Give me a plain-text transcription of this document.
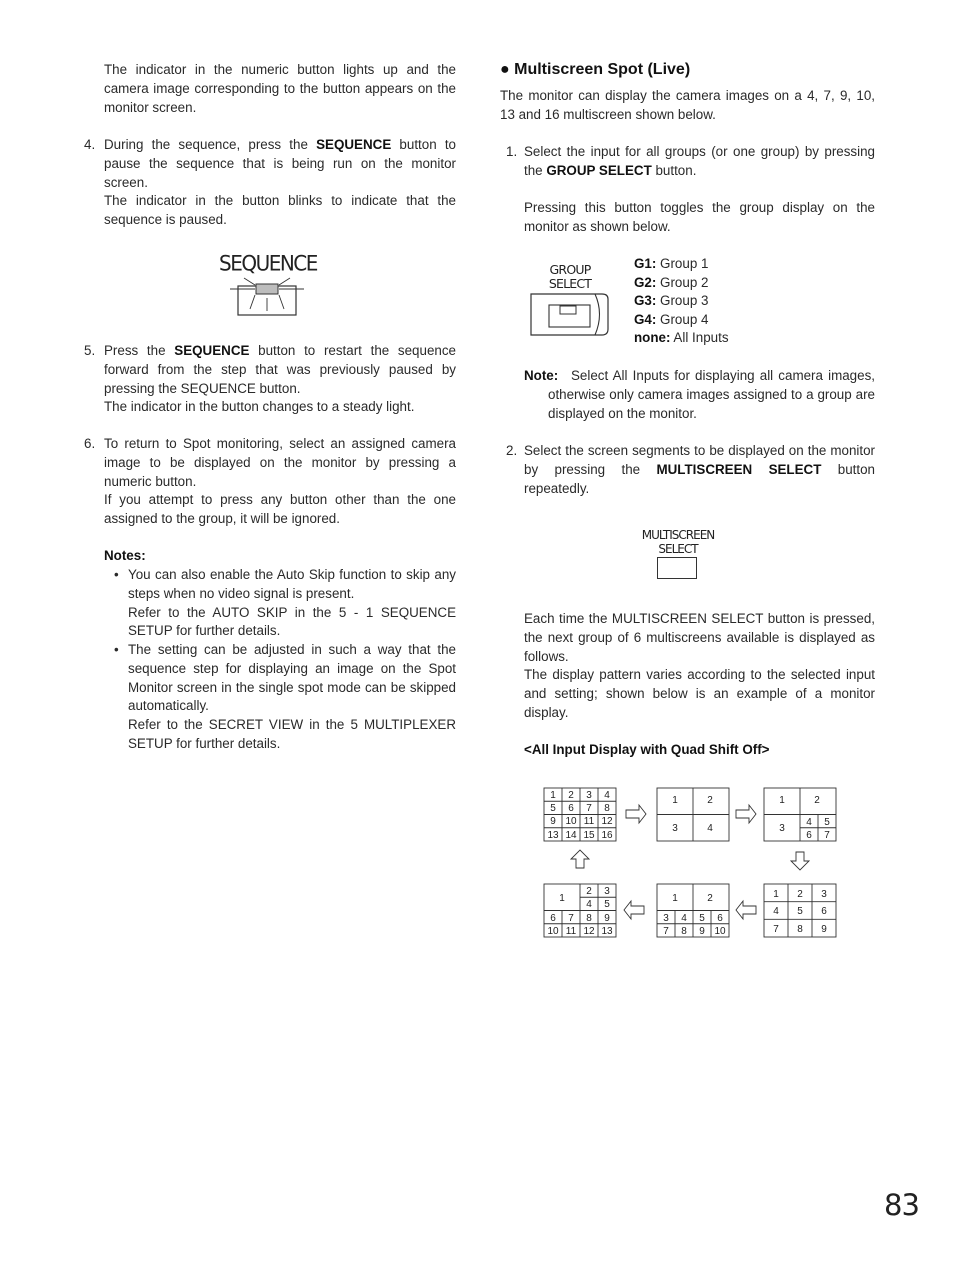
The indicator in the numeric button lights up and the camera image corresponding to the button appears on the monitor screen.

4. During the sequence, press the SEQUENCE button to pause the sequence that is being run on the monitor screen.
The indicator in the button blinks to indicate that the sequence is paused.
SEQUENCE
5. Press the SEQUENCE button to restart the sequence forward from the step that was previously paused by pressing the SEQUENCE button.
The indicator in the button changes to a steady light.
6. To return to Spot monitoring, select an assigned camera image to be displayed on the monitor by pressing a numeric button.
If you attempt to press any button other than the one assigned to the group, it will be ignored.
Notes:
• You can also enable the Auto Skip function to skip any steps when no video signal is present.
Refer to the AUTO SKIP in the 5 - 1 SEQUENCE SETUP for further details.
• The setting can be adjusted in such a way that the sequence step for displaying an image on the Spot Monitor screen in the single spot mode can be skipped automatically.
Refer to the SECRET VIEW in the 5 MULTIPLEXER SETUP for further details.
● Multiscreen Spot (Live)

The monitor can display the camera images on a 4, 7, 9, 10, 13 and 16 multiscreen shown below.

1. Select the input for all groups (or one group) by pressing the GROUP SELECT button.

Pressing this button toggles the group display on the monitor as shown below.

GROUP
SELECT
G1: Group 1
G2: Group 2
G3: Group 3
G4: Group 4
none: All Inputs
Note: Select All Inputs for displaying all camera images, otherwise only camera images assigned to a group are displayed on the monitor.

2. Select the screen segments to be displayed on the monitor by pressing the MULTISCREEN SELECT button repeatedly.
MULTISCREEN
SELECT

Each time the MULTISCREEN SELECT button is pressed, the next group of 6 multiscreens available is displayed as follows.

The display pattern varies according to the selected input and setting; shown below is an example of a monitor display.

<All Input Display with Quad Shift Off>
1 2 3 4
5 6 7 8
9 10 11 12
13 14 15 16
1	2
3	4
1	2
3
4 5
6 7
1
2 3
4 5
6 7 8 9
10 11 12 13
1	2
3 4 5 6
7 8 9 10
1 2 3
4 5 6
7 8 9
83
